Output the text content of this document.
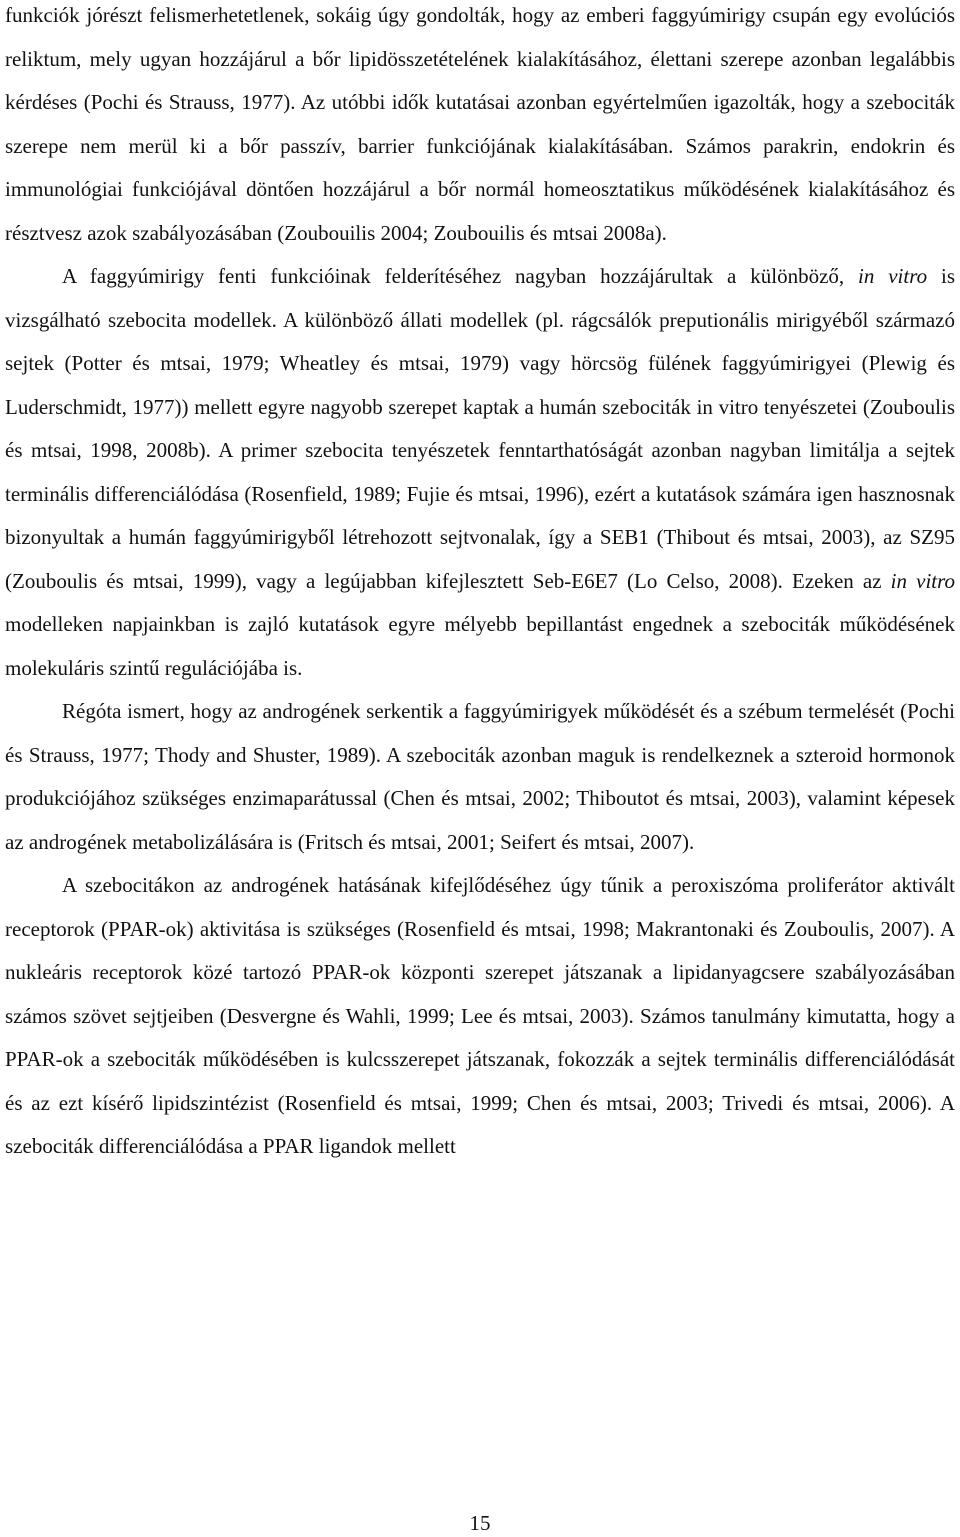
funkciók jórészt felismerhetetlenek, sokáig úgy gondolták, hogy az emberi faggyúmirigy csupán egy evolúciós reliktum, mely ugyan hozzájárul a bőr lipidösszetételének kialakításához, élettani szerepe azonban legalábbis kérdéses (Pochi és Strauss, 1977). Az utóbbi idők kutatásai azonban egyértelműen igazolták, hogy a szebociták szerepe nem merül ki a bőr passzív, barrier funkciójának kialakításában. Számos parakrin, endokrin és immunológiai funkciójával döntően hozzájárul a bőr normál homeosztatikus működésének kialakításához és résztvesz azok szabályozásában (Zoubouilis 2004; Zoubouilis és mtsai 2008a).

A faggyúmirigy fenti funkcióinak felderítéséhez nagyban hozzájárultak a különböző, in vitro is vizsgálható szebocita modellek. A különböző állati modellek (pl. rágcsálók preputionális mirigyéből származó sejtek (Potter és mtsai, 1979; Wheatley és mtsai, 1979) vagy hörcsög fülének faggyúmirigyei (Plewig és Luderschmidt, 1977)) mellett egyre nagyobb szerepet kaptak a humán szebociták in vitro tenyészetei (Zouboulis és mtsai, 1998, 2008b). A primer szebocita tenyészetek fenntarthatóságát azonban nagyban limitálja a sejtek terminális differenciálódása (Rosenfield, 1989; Fujie és mtsai, 1996), ezért a kutatások számára igen hasznosnak bizonyultak a humán faggyúmirigyből létrehozott sejtvonalak, így a SEB1 (Thibout és mtsai, 2003), az SZ95 (Zouboulis és mtsai, 1999), vagy a legújabban kifejlesztett Seb-E6E7 (Lo Celso, 2008). Ezeken az in vitro modelleken napjainkban is zajló kutatások egyre mélyebb bepillantást engednek a szebociták működésének molekuláris szintű regulációjába is.

Régóta ismert, hogy az androgének serkentik a faggyúmirigyek működését és a szébum termelését (Pochi és Strauss, 1977; Thody and Shuster, 1989). A szebociták azonban maguk is rendelkeznek a szteroid hormonok produkciójához szükséges enzimaparátussal (Chen és mtsai, 2002; Thiboutot és mtsai, 2003), valamint képesek az androgének metabolizálására is (Fritsch és mtsai, 2001; Seifert és mtsai, 2007).

A szebocitákon az androgének hatásának kifejlődéséhez úgy tűnik a peroxiszóma proliferátor aktivált receptorok (PPAR-ok) aktivitása is szükséges (Rosenfield és mtsai, 1998; Makrantonaki és Zouboulis, 2007). A nukleáris receptorok közé tartozó PPAR-ok központi szerepet játszanak a lipidanyagcsere szabályozásában számos szövet sejtjeiben (Desvergne és Wahli, 1999; Lee és mtsai, 2003). Számos tanulmány kimutatta, hogy a PPAR-ok a szebociták működésében is kulcsszerepet játszanak, fokozzák a sejtek terminális differenciálódását és az ezt kísérő lipidszintézist (Rosenfield és mtsai, 1999; Chen és mtsai, 2003; Trivedi és mtsai, 2006). A szebociták differenciálódása a PPAR ligandok mellett

15
